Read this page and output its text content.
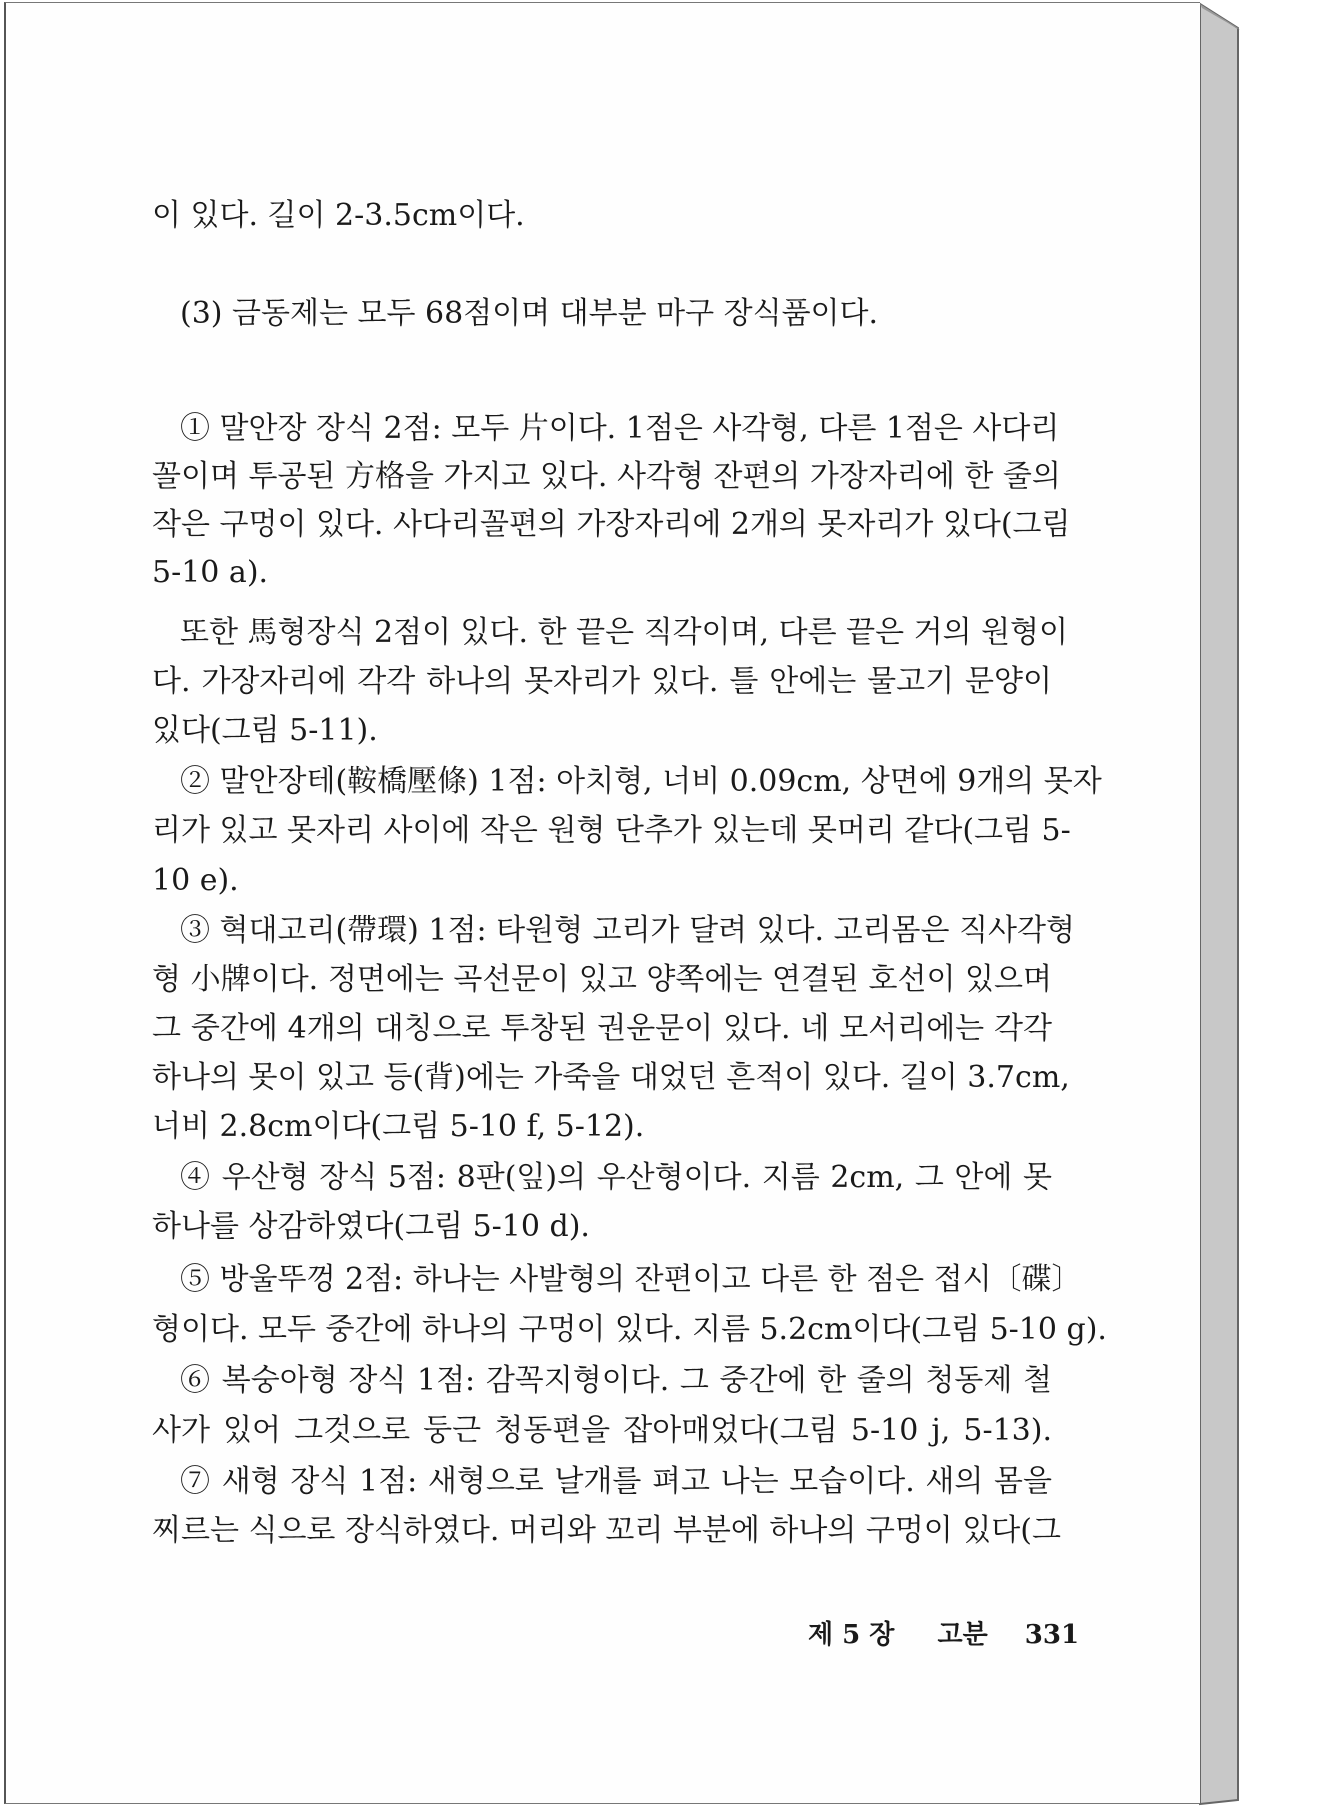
이 있다. 길이 2-3.5cm이다.
(3) 금동제는 모두 68점이며 대부분 마구 장식품이다.
① 말안장 장식 2점: 모두 片이다. 1점은 사각형, 다른 1점은 사다리
꼴이며 투공된 方格을 가지고 있다. 사각형 잔편의 가장자리에 한 줄의
작은 구멍이 있다. 사다리꼴편의 가장자리에 2개의 못자리가 있다(그림
5-10 a).
또한 馬형장식 2점이 있다. 한 끝은 직각이며, 다른 끝은 거의 원형이
다. 가장자리에 각각 하나의 못자리가 있다. 틀 안에는 물고기 문양이
있다(그림 5-11).
② 말안장테(鞍橋壓條) 1점: 아치형, 너비 0.09cm, 상면에 9개의 못자
리가 있고 못자리 사이에 작은 원형 단추가 있는데 못머리 같다(그림 5-
10 e).
③ 혁대고리(帶環) 1점: 타원형 고리가 달려 있다. 고리몸은 직사각형
형 小牌이다. 정면에는 곡선문이 있고 양쪽에는 연결된 호선이 있으며
그 중간에 4개의 대칭으로 투창된 권운문이 있다. 네 모서리에는 각각
하나의 못이 있고 등(背)에는 가죽을 대었던 흔적이 있다. 길이 3.7cm,
너비 2.8cm이다(그림 5-10 f, 5-12).
④ 우산형 장식 5점: 8판(잎)의 우산형이다. 지름 2cm, 그 안에 못
하나를 상감하였다(그림 5-10 d).
⑤ 방울뚜껑 2점: 하나는 사발형의 잔편이고 다른 한 점은 접시〔碟〕
형이다. 모두 중간에 하나의 구멍이 있다. 지름 5.2cm이다(그림 5-10 g).
⑥ 복숭아형 장식 1점: 감꼭지형이다. 그 중간에 한 줄의 청동제 철
사가 있어 그것으로 둥근 청동편을 잡아매었다(그림 5-10 j, 5-13).
⑦ 새형 장식 1점: 새형으로 날개를 펴고 나는 모습이다. 새의 몸을
찌르는 식으로 장식하였다. 머리와 꼬리 부분에 하나의 구멍이 있다(그
제 5 장 고분 331
